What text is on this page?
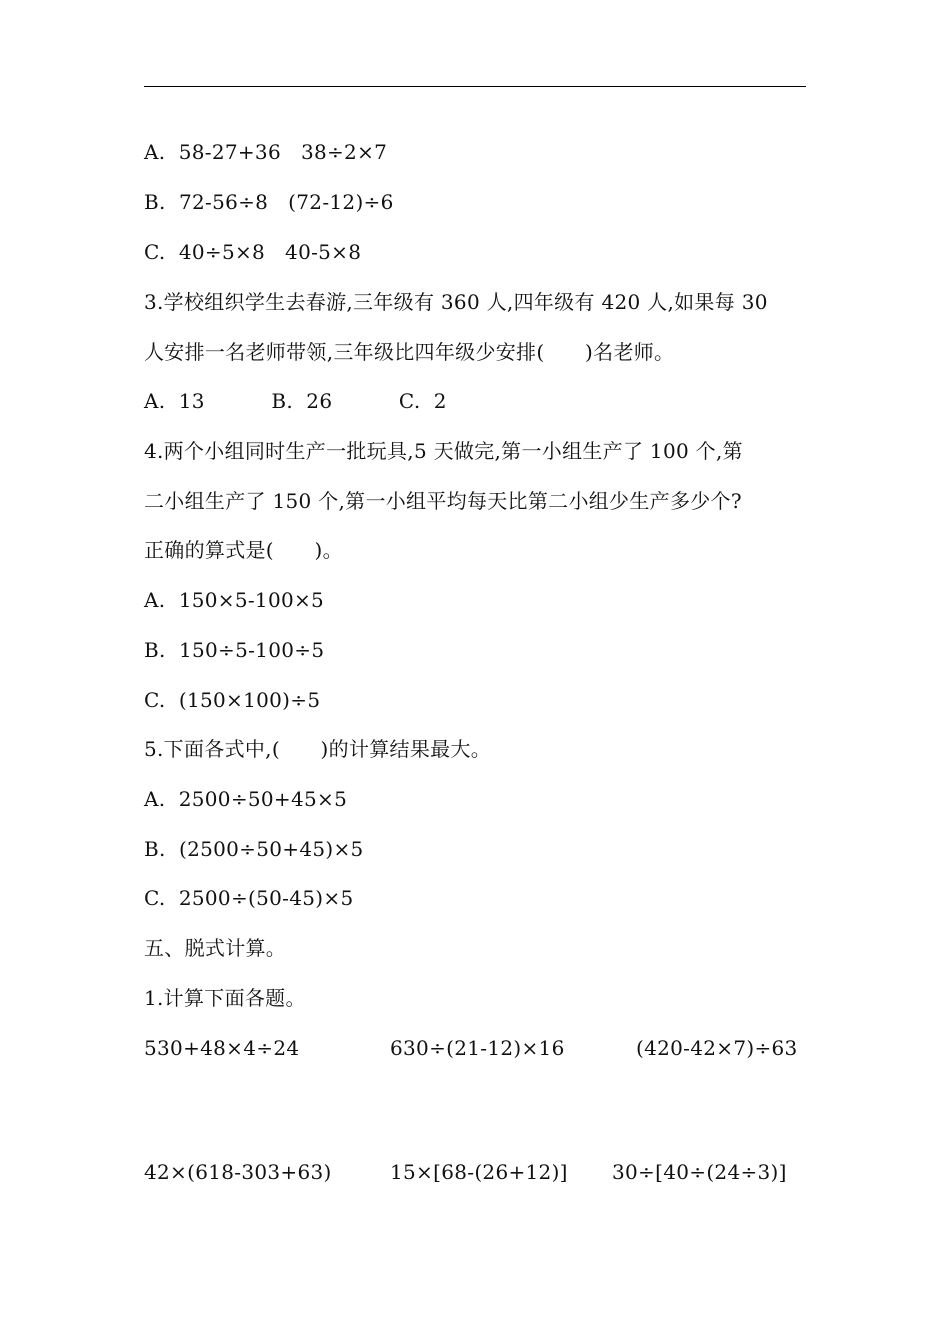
A.  58-27+36   38÷2×7
B.  72-56÷8   (72-12)÷6
C.  40÷5×8   40-5×8
3.学校组织学生去春游,三年级有 360 人,四年级有 420 人,如果每 30
人安排一名老师带领,三年级比四年级少安排(　　)名老师。
A.  13          B.  26          C.  2
4.两个小组同时生产一批玩具,5 天做完,第一小组生产了 100 个,第
二小组生产了 150 个,第一小组平均每天比第二小组少生产多少个?
正确的算式是(　　)。
A.  150×5-100×5
B.  150÷5-100÷5
C.  (150×100)÷5
5.下面各式中,(　　)的计算结果最大。
A.  2500÷50+45×5
B.  (2500÷50+45)×5
C.  2500÷(50-45)×5
五、脱式计算。
1.计算下面各题。
530+48×4÷24	630÷(21-12)×16	(420-42×7)÷63
42×(618-303+63)	15×[68-(26+12)] 30÷[40÷(24÷3)]
